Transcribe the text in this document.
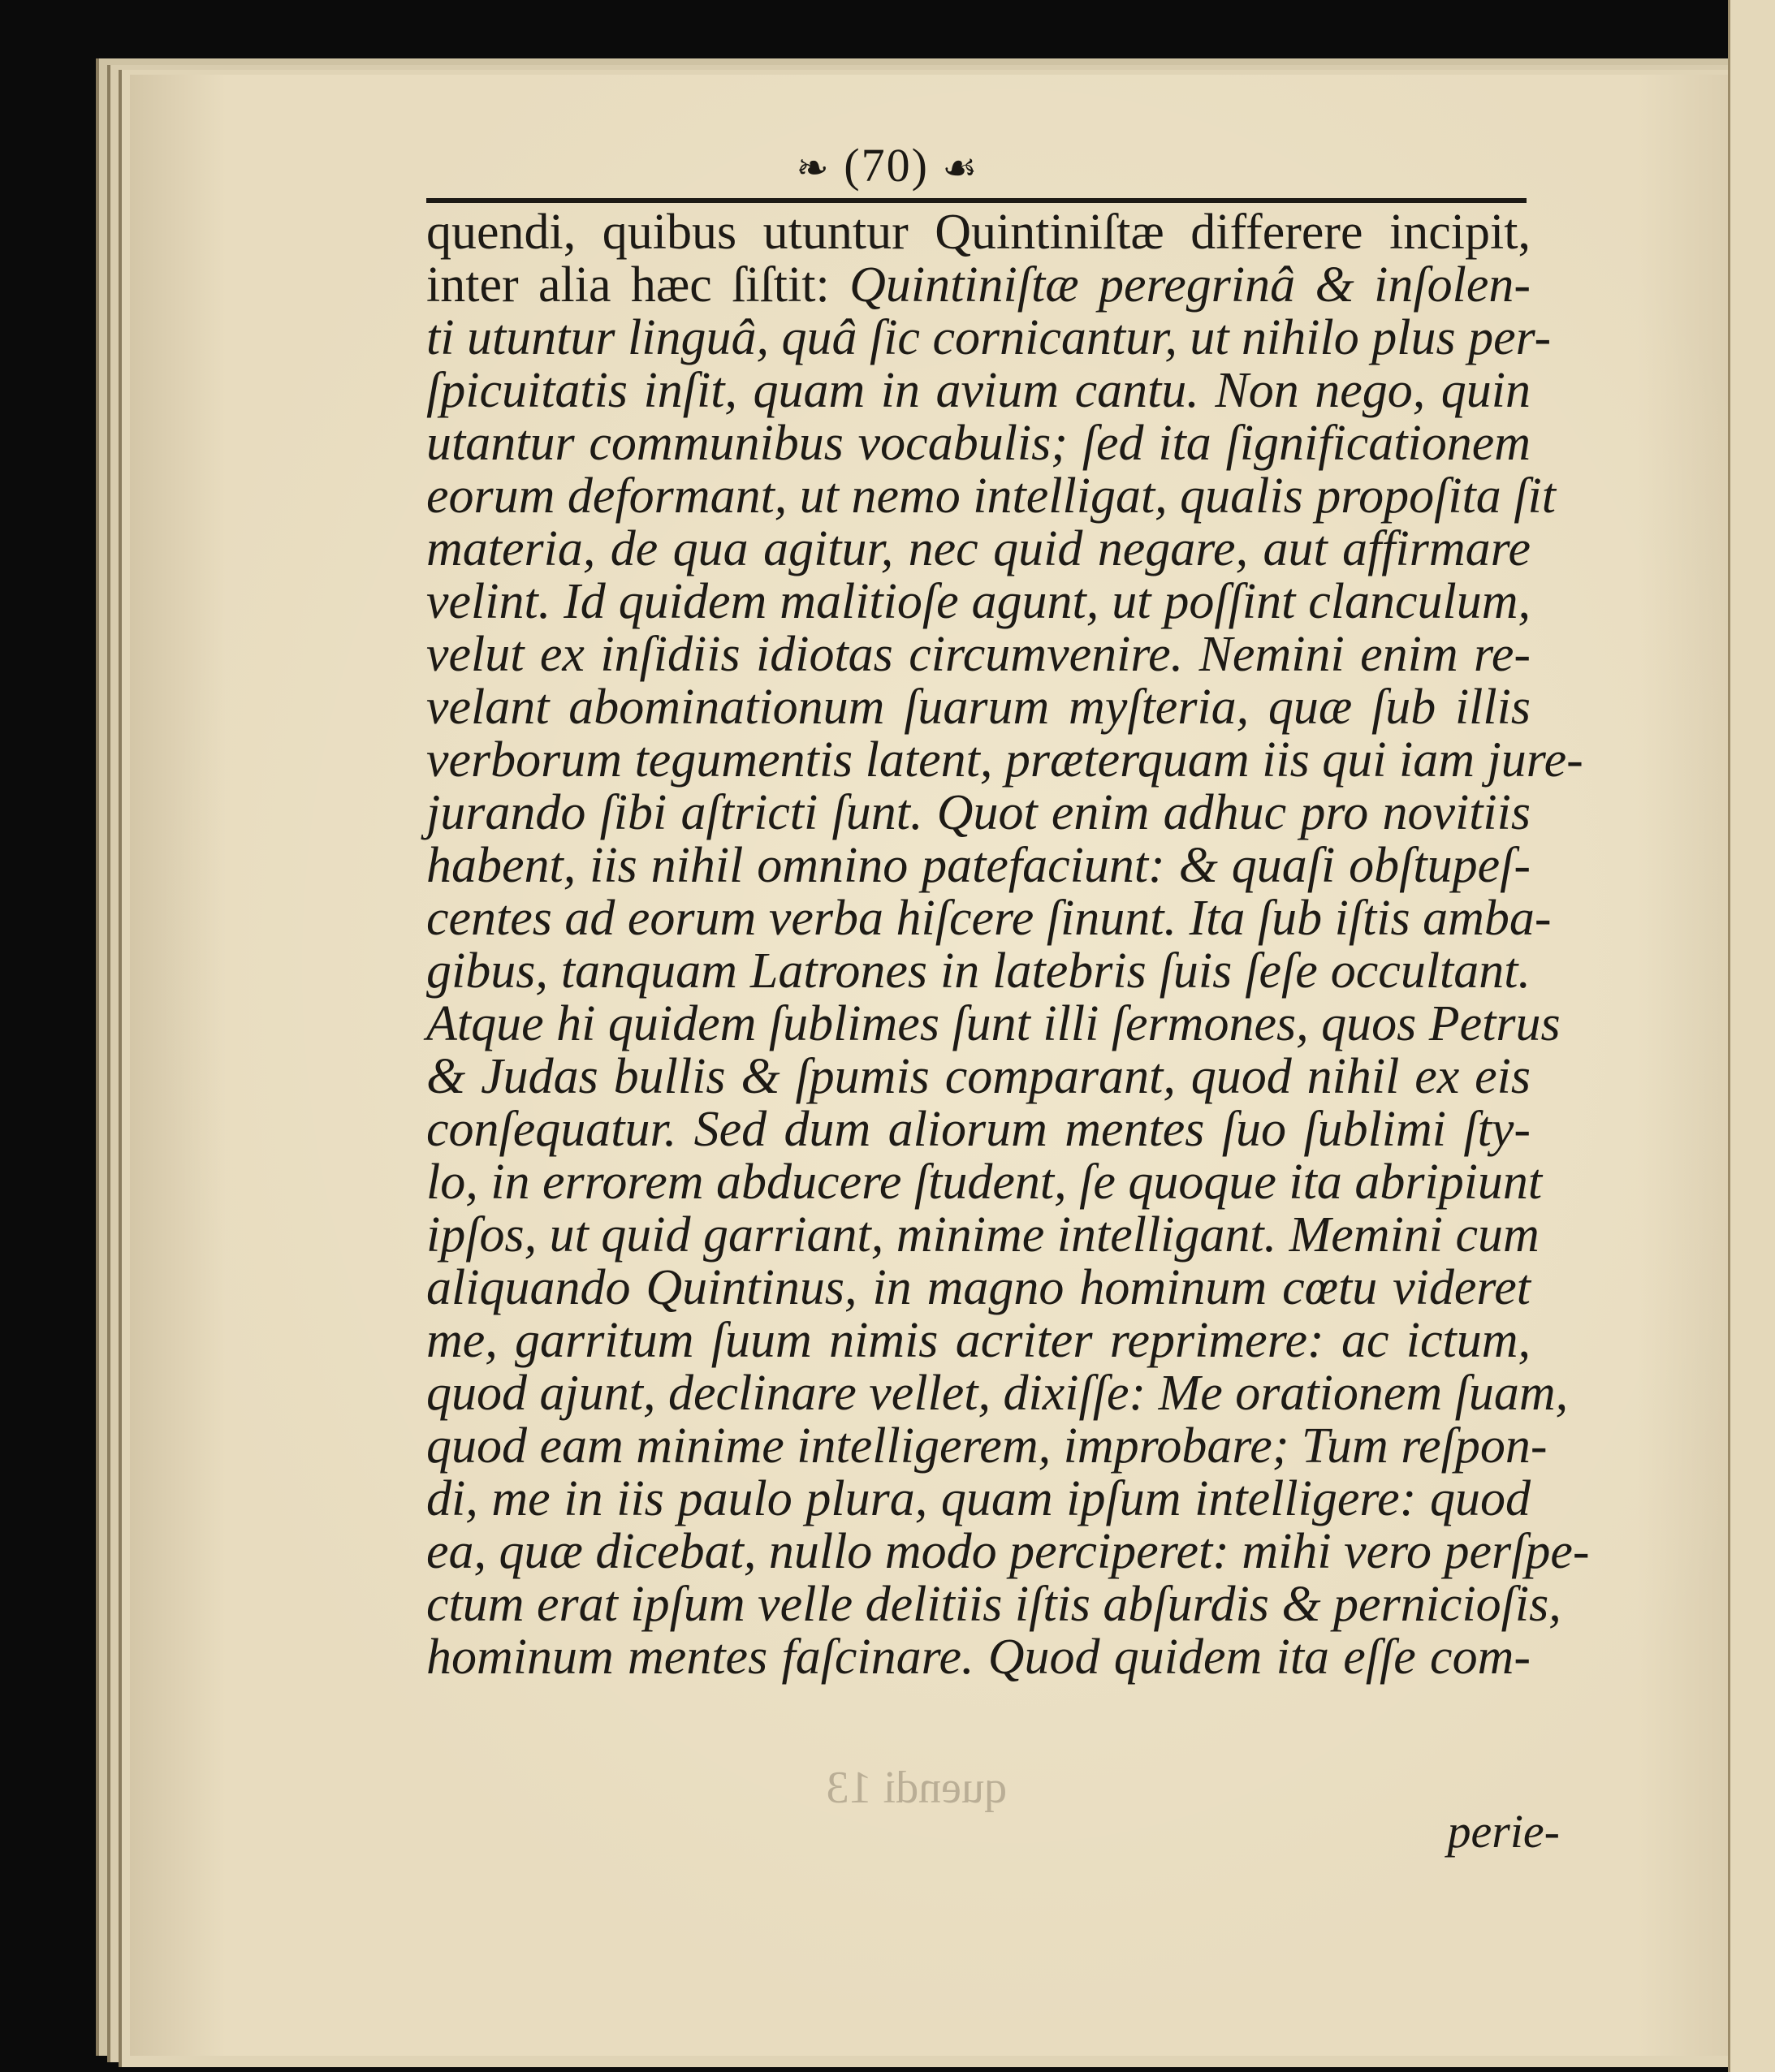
❧ (70) ☙
quendi, quibus utuntur Quintiniſtæ differere incipit,
inter alia hæc ſiſtit: Quintiniſtæ peregrinâ & inſolen-
ti utuntur linguâ, quâ ſic cornicantur, ut nihilo plus per-
ſpicuitatis inſit, quam in avium cantu. Non nego, quin
utantur communibus vocabulis; ſed ita ſignificationem
eorum deformant, ut nemo intelligat, qualis propoſita ſit
materia, de qua agitur, nec quid negare, aut affirmare
velint. Id quidem malitioſe agunt, ut poſſint clanculum,
velut ex inſidiis idiotas circumvenire. Nemini enim re-
velant abominationum ſuarum myſteria, quæ ſub illis
verborum tegumentis latent, præterquam iis qui iam jure-
jurando ſibi aſtricti ſunt. Quot enim adhuc pro novitiis
habent, iis nihil omnino patefaciunt: & quaſi obſtupeſ-
centes ad eorum verba hiſcere ſinunt. Ita ſub iſtis amba-
gibus, tanquam Latrones in latebris ſuis ſeſe occultant.
Atque hi quidem ſublimes ſunt illi ſermones, quos Petrus
& Judas bullis & ſpumis comparant, quod nihil ex eis
conſequatur. Sed dum aliorum mentes ſuo ſublimi ſty-
lo, in errorem abducere ſtudent, ſe quoque ita abripiunt
ipſos, ut quid garriant, minime intelligant. Memini cum
aliquando Quintinus, in magno hominum cœtu videret
me, garritum ſuum nimis acriter reprimere: ac ictum,
quod ajunt, declinare vellet, dixiſſe: Me orationem ſuam,
quod eam minime intelligerem, improbare; Tum reſpon-
di, me in iis paulo plura, quam ipſum intelligere: quod
ea, quæ dicebat, nullo modo perciperet: mihi vero perſpe-
ctum erat ipſum velle delitiis iſtis abſurdis & pernicioſis,
hominum mentes faſcinare. Quod quidem ita eſſe com-
quendi 13
perie-
